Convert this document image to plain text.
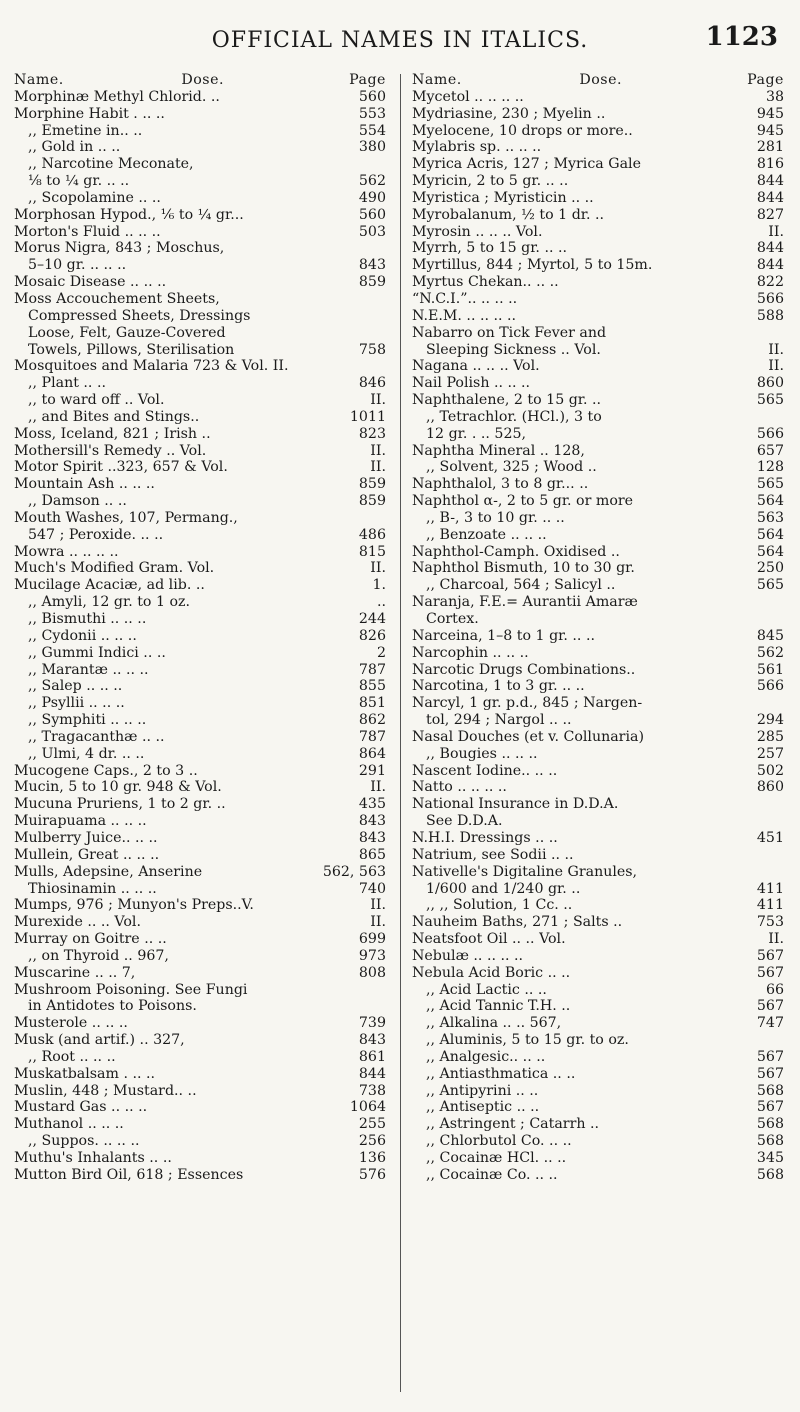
OFFICIAL NAMES IN ITALICS.	1123
Name.	Dose.	Page
Morphinæ Methyl Chlorid. ..	560
Morphine Habit . .. ..	553
,, Emetine in.. ..	554
,, Gold in .. ..	380
,, Narcotine Meconate,
⅛ to ¼ gr. .. ..	562
,, Scopolamine .. ..	490
Morphosan Hypod., ⅙ to ¼ gr...	560
Morton's Fluid .. .. ..	503
Morus Nigra, 843 ; Moschus,
5–10 gr. .. .. ..	843
Mosaic Disease .. .. ..	859
Moss Accouchement Sheets,
Compressed Sheets, Dressings
Loose, Felt, Gauze-Covered
Towels, Pillows, Sterilisation	758
Mosquitoes and Malaria 723 & Vol. II.
,, Plant .. ..	846
,, to ward off .. Vol.	II.
,, and Bites and Stings..	1011
Moss, Iceland, 821 ; Irish ..	823
Mothersill's Remedy .. Vol.	II.
Motor Spirit ..323, 657 & Vol.	II.
Mountain Ash .. .. ..	859
,, Damson .. ..	859
Mouth Washes, 107, Permang.,
547 ; Peroxide. .. ..	486
Mowra .. .. .. ..	815
Much's Modified Gram. Vol.	II.
Mucilage Acaciæ, ad lib. ..	1.
,, Amyli, 12 gr. to 1 oz.	..
,, Bismuthi .. .. ..	244
,, Cydonii .. .. ..	826
,, Gummi Indici .. ..	2
,, Marantæ .. .. ..	787
,, Salep .. .. ..	855
,, Psyllii .. .. ..	851
,, Symphiti .. .. ..	862
,, Tragacanthæ .. ..	787
,, Ulmi, 4 dr. .. ..	864
Mucogene Caps., 2 to 3 ..	291
Mucin, 5 to 10 gr. 948 & Vol.	II.
Mucuna Pruriens, 1 to 2 gr. ..	435
Muirapuama .. .. ..	843
Mulberry Juice.. .. ..	843
Mullein, Great .. .. ..	865
Mulls, Adepsine, Anserine	562, 563
Thiosinamin .. .. ..	740
Mumps, 976 ; Munyon's Preps..V.	II.
Murexide .. .. Vol.	II.
Murray on Goitre .. ..	699
,, on Thyroid .. 967,	973
Muscarine .. .. 7,	808
Mushroom Poisoning. See Fungi
in Antidotes to Poisons.
Musterole .. .. ..	739
Musk (and artif.) .. 327,	843
,, Root .. .. ..	861
Muskatbalsam . .. ..	844
Muslin, 448 ; Mustard.. ..	738
Mustard Gas .. .. ..	1064
Muthanol .. .. ..	255
,, Suppos. .. .. ..	256
Muthu's Inhalants .. ..	136
Mutton Bird Oil, 618 ; Essences	576
Name.	Dose.	Page
Mycetol .. .. .. ..	38
Mydriasine, 230 ; Myelin ..	945
Myelocene, 10 drops or more..	945
Mylabris sp. .. .. ..	281
Myrica Acris, 127 ; Myrica Gale	816
Myricin, 2 to 5 gr. .. ..	844
Myristica ; Myristicin .. ..	844
Myrobalanum, ½ to 1 dr. ..	827
Myrosin .. .. .. Vol.	II.
Myrrh, 5 to 15 gr. .. ..	844
Myrtillus, 844 ; Myrtol, 5 to 15m.	844
Myrtus Chekan.. .. ..	822
“N.C.I.”.. .. .. ..	566
N.E.M. .. .. .. ..	588
Nabarro on Tick Fever and
Sleeping Sickness .. Vol.	II.
Nagana .. .. .. Vol.	II.
Nail Polish .. .. ..	860
Naphthalene, 2 to 15 gr. ..	565
,, Tetrachlor. (HCl.), 3 to
12 gr. . .. 525,	566
Naphtha Mineral .. 128,	657
,, Solvent, 325 ; Wood ..	128
Naphthalol, 3 to 8 gr... ..	565
Naphthol α-, 2 to 5 gr. or more	564
,, B-, 3 to 10 gr. .. ..	563
,, Benzoate .. .. ..	564
Naphthol-Camph. Oxidised ..	564
Naphthol Bismuth, 10 to 30 gr.	250
,, Charcoal, 564 ; Salicyl ..	565
Naranja, F.E.= Aurantii Amaræ
Cortex.
Narceina, 1–8 to 1 gr. .. ..	845
Narcophin .. .. ..	562
Narcotic Drugs Combinations..	561
Narcotina, 1 to 3 gr. .. ..	566
Narcyl, 1 gr. p.d., 845 ; Nargen-
tol, 294 ; Nargol .. ..	294
Nasal Douches (et v. Collunaria)	285
,, Bougies .. .. ..	257
Nascent Iodine.. .. ..	502
Natto .. .. .. ..	860
National Insurance in D.D.A.
See D.D.A.
N.H.I. Dressings .. ..	451
Natrium, see Sodii .. ..
Nativelle's Digitaline Granules,
1/600 and 1/240 gr. ..	411
,, ,, Solution, 1 Cc. ..	411
Nauheim Baths, 271 ; Salts ..	753
Neatsfoot Oil .. .. Vol.	II.
Nebulæ .. .. .. ..	567
Nebula Acid Boric .. ..	567
,, Acid Lactic .. ..	66
,, Acid Tannic T.H. ..	567
,, Alkalina .. .. 567,	747
,, Aluminis, 5 to 15 gr. to oz.
,, Analgesic.. .. ..	567
,, Antiasthmatica .. ..	567
,, Antipyrini .. ..	568
,, Antiseptic .. ..	567
,, Astringent ; Catarrh ..	568
,, Chlorbutol Co. .. ..	568
,, Cocainæ HCl. .. ..	345
,, Cocainæ Co. .. ..	568
